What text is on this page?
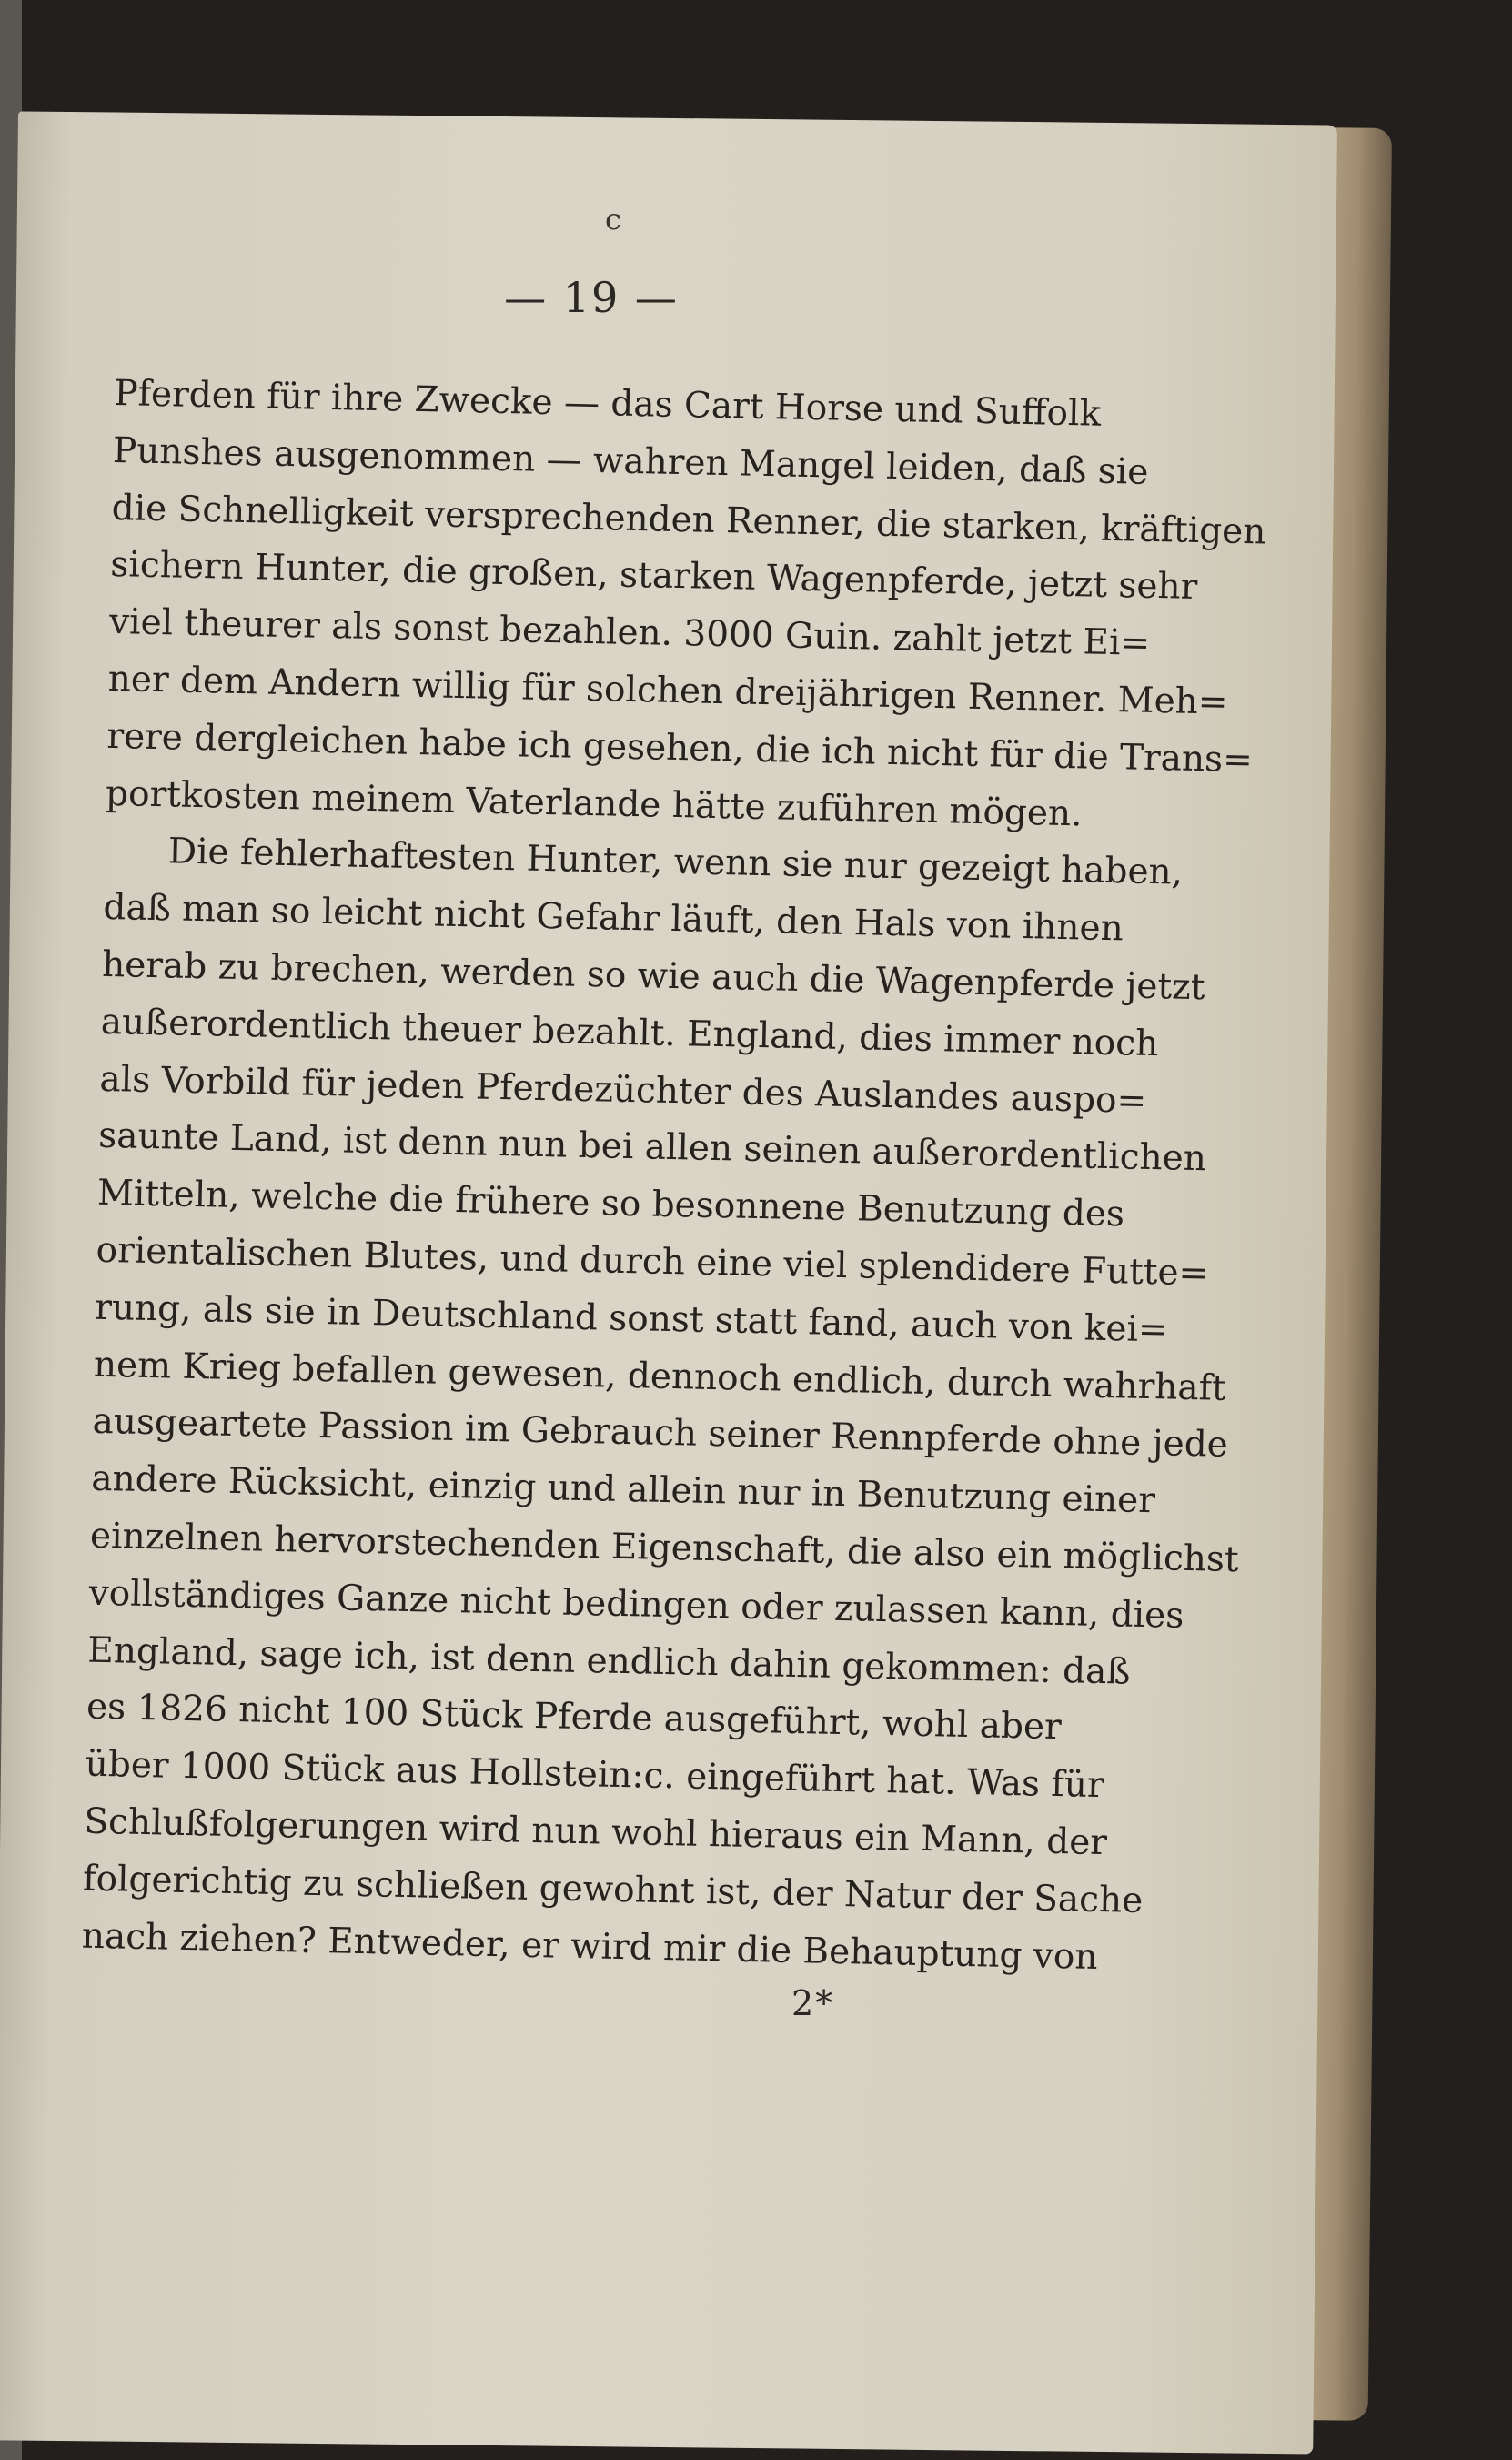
c
— 19 —
Pferden für ihre Zwecke — das Cart Horse und Suffolk
Punshes ausgenommen — wahren Mangel leiden, daß sie
die Schnelligkeit versprechenden Renner, die starken, kräftigen
sichern Hunter, die großen, starken Wagenpferde, jetzt sehr
viel theurer als sonst bezahlen. 3000 Guin. zahlt jetzt Ei=
ner dem Andern willig für solchen dreijährigen Renner. Meh=
rere dergleichen habe ich gesehen, die ich nicht für die Trans=
portkosten meinem Vaterlande hätte zuführen mögen.
Die fehlerhaftesten Hunter, wenn sie nur gezeigt haben,
daß man so leicht nicht Gefahr läuft, den Hals von ihnen
herab zu brechen, werden so wie auch die Wagenpferde jetzt
außerordentlich theuer bezahlt. England, dies immer noch
als Vorbild für jeden Pferdezüchter des Auslandes auspo=
saunte Land, ist denn nun bei allen seinen außerordentlichen
Mitteln, welche die frühere so besonnene Benutzung des
orientalischen Blutes, und durch eine viel splendidere Futte=
rung, als sie in Deutschland sonst statt fand, auch von kei=
nem Krieg befallen gewesen, dennoch endlich, durch wahrhaft
ausgeartete Passion im Gebrauch seiner Rennpferde ohne jede
andere Rücksicht, einzig und allein nur in Benutzung einer
einzelnen hervorstechenden Eigenschaft, die also ein möglichst
vollständiges Ganze nicht bedingen oder zulassen kann, dies
England, sage ich, ist denn endlich dahin gekommen: daß
es 1826 nicht 100 Stück Pferde ausgeführt, wohl aber
über 1000 Stück aus Hollstein:c. eingeführt hat. Was für
Schlußfolgerungen wird nun wohl hieraus ein Mann, der
folgerichtig zu schließen gewohnt ist, der Natur der Sache
nach ziehen? Entweder, er wird mir die Behauptung von
2*
